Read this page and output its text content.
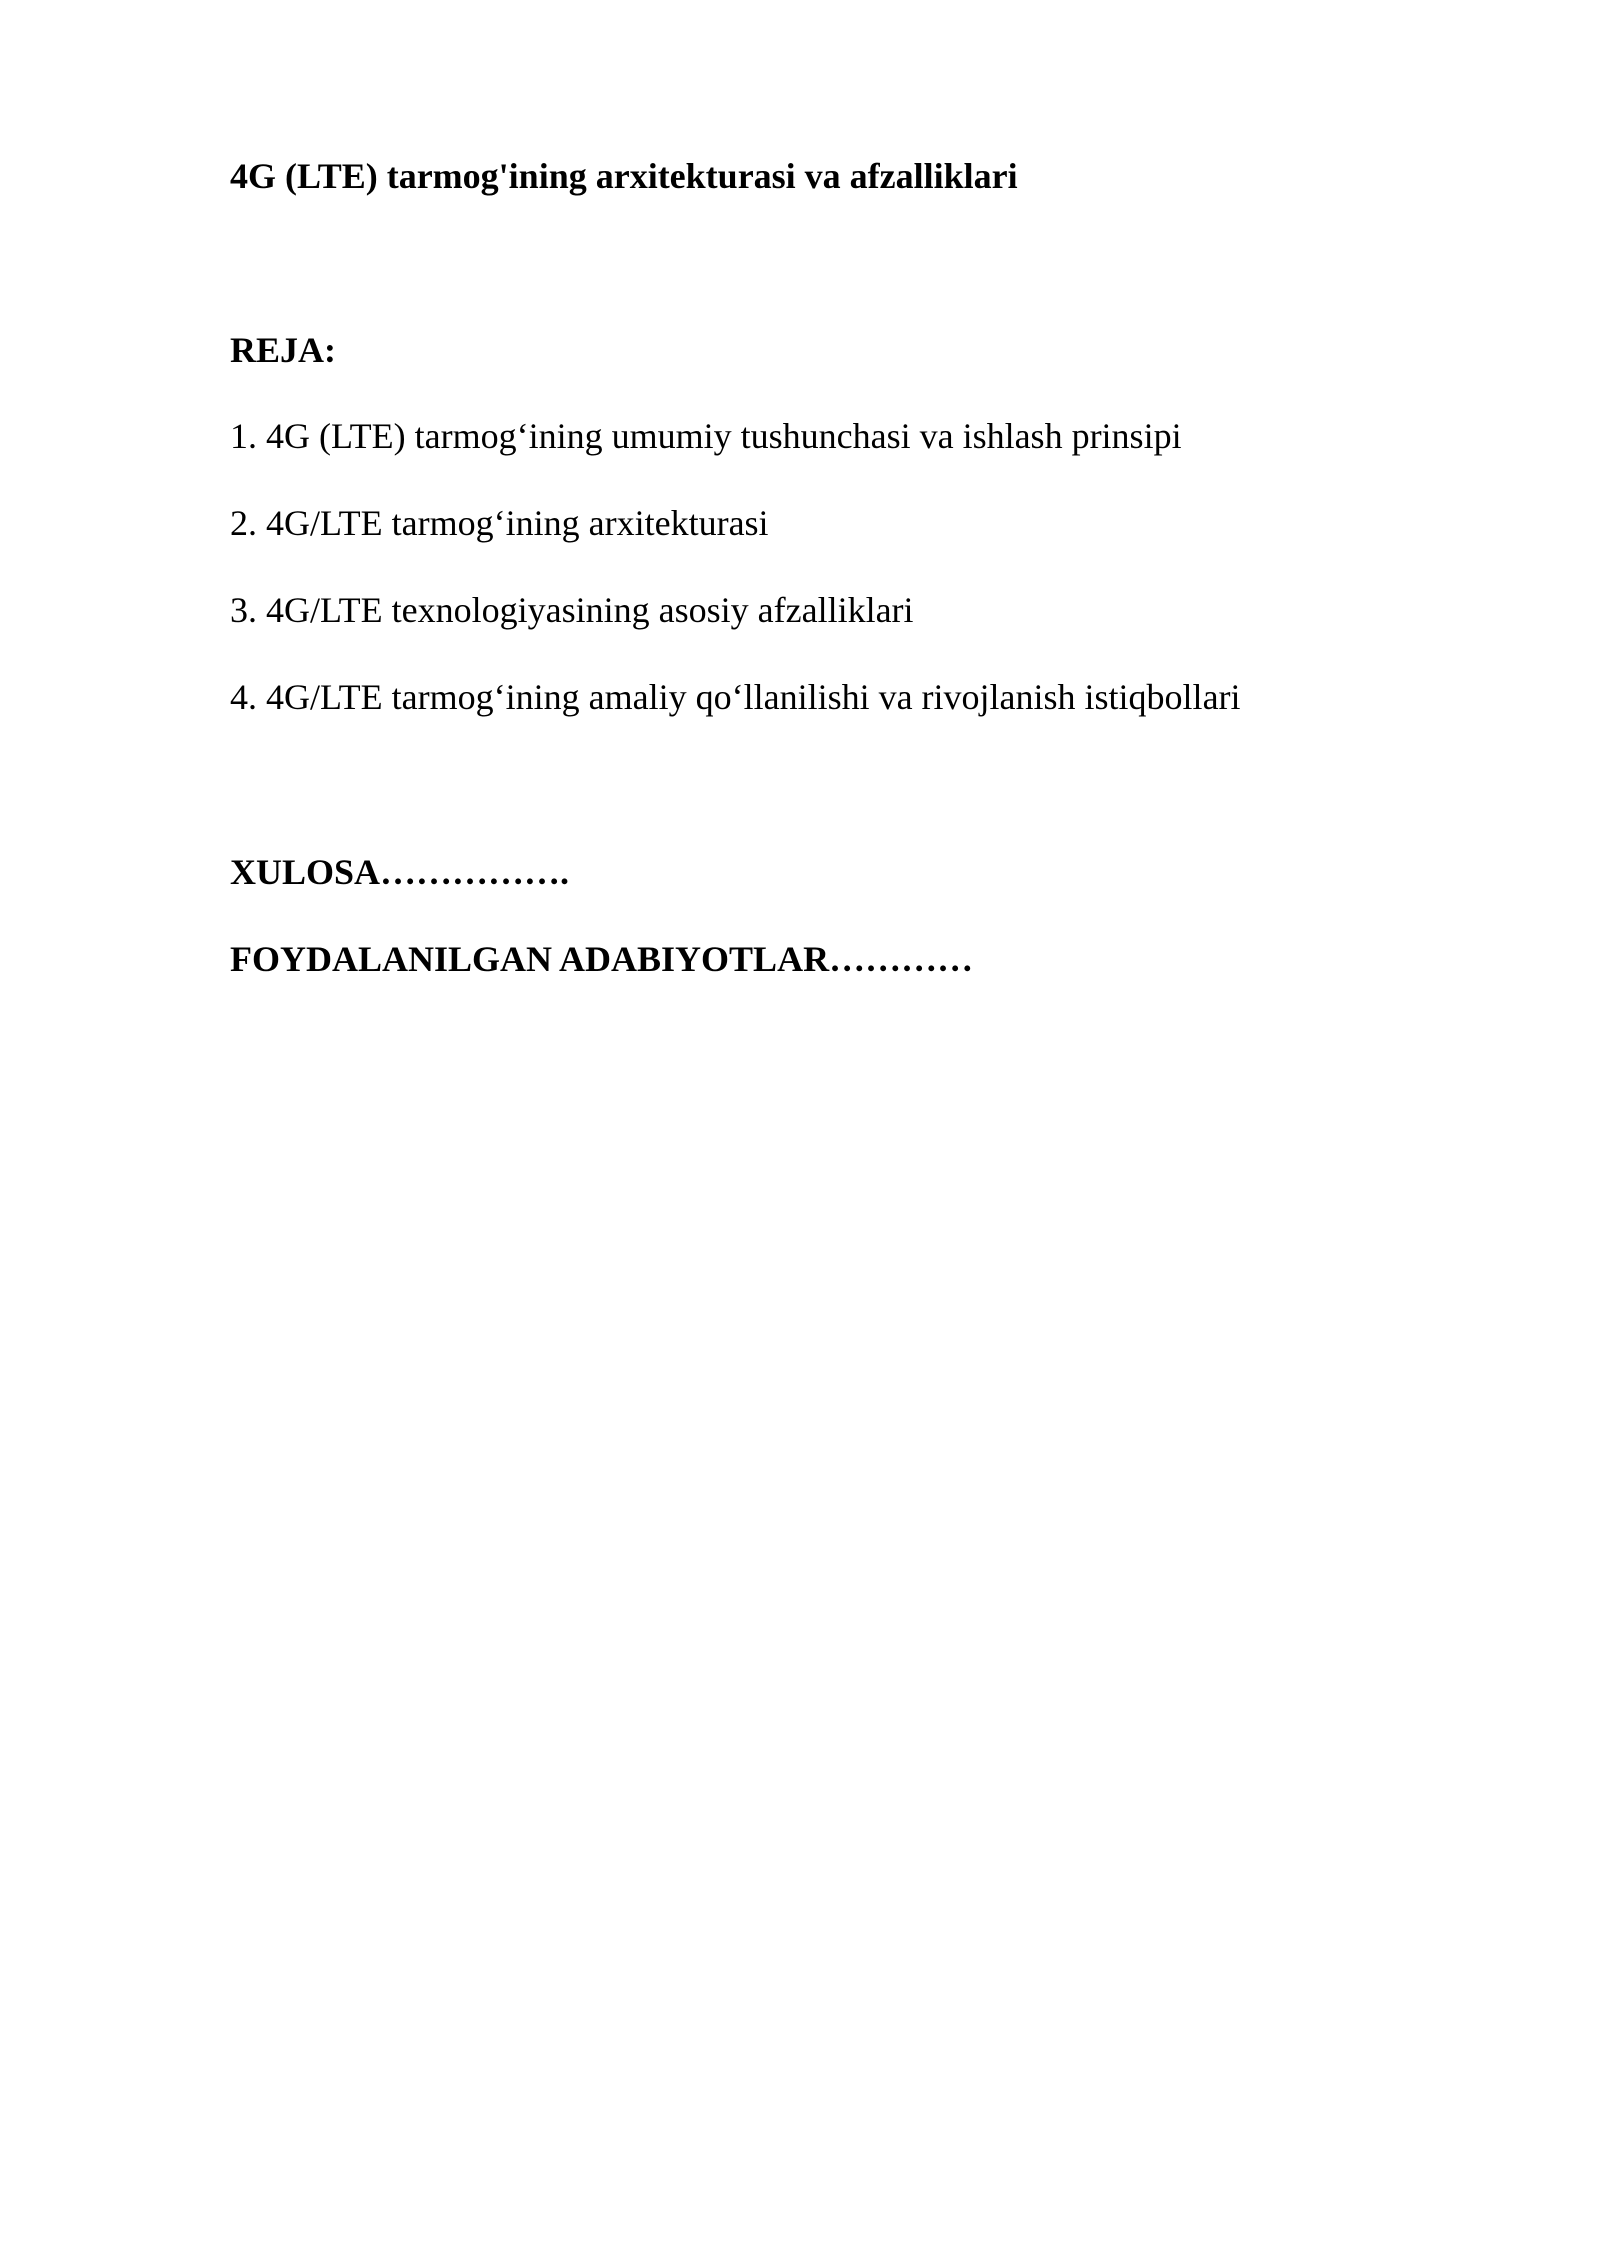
4G (LTE) tarmog'ining arxitekturasi va afzalliklari
REJA:
1. 4G (LTE) tarmog‘ining umumiy tushunchasi va ishlash prinsipi
2. 4G/LTE tarmog‘ining arxitekturasi
3. 4G/LTE texnologiyasining asosiy afzalliklari
4. 4G/LTE tarmog‘ining amaliy qo‘llanilishi va rivojlanish istiqbollari
XULOSA…………….
FOYDALANILGAN ADABIYOTLAR…………
